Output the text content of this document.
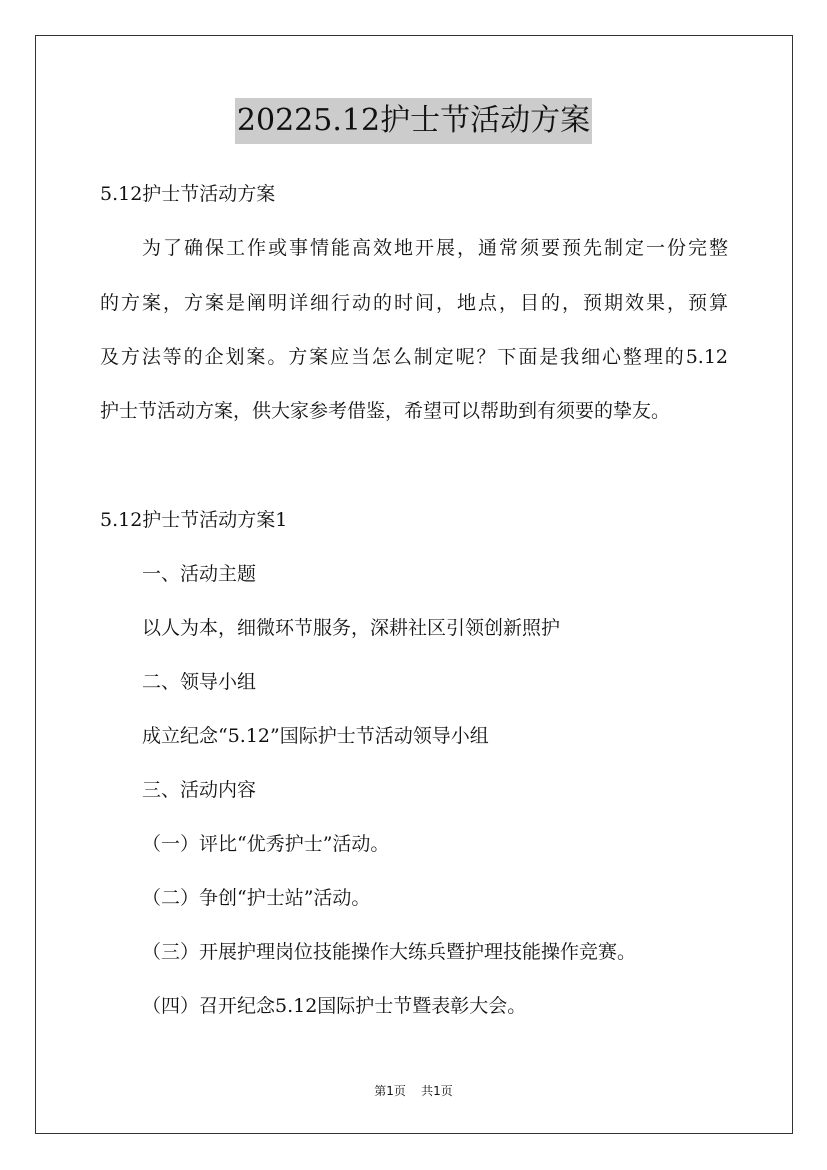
20225.12护士节活动方案
5.12护士节活动方案
为了确保工作或事情能高效地开展，通常须要预先制定一份完整
的方案，方案是阐明详细行动的时间，地点，目的，预期效果，预算
及方法等的企划案。方案应当怎么制定呢？下面是我细心整理的5.12
护士节活动方案，供大家参考借鉴，希望可以帮助到有须要的挚友。
5.12护士节活动方案1
一、活动主题
以人为本，细微环节服务，深耕社区引领创新照护
二、领导小组
成立纪念“5.12”国际护士节活动领导小组
三、活动内容
（一）评比“优秀护士”活动。
（二）争创“护士站”活动。
（三）开展护理岗位技能操作大练兵暨护理技能操作竞赛。
（四）召开纪念5.12国际护士节暨表彰大会。
第1页 共1页
